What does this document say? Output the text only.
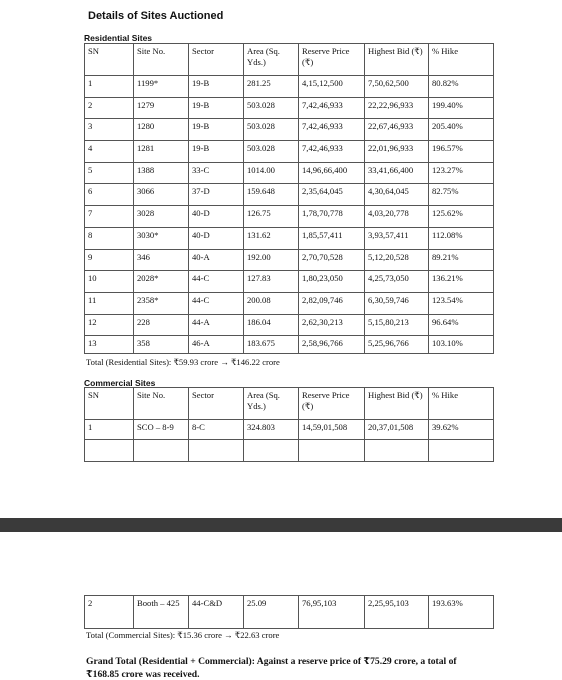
Details of Sites Auctioned
Residential Sites
SN	Site No.	Sector	Area (Sq. Yds.)	Reserve Price (₹)	Highest Bid (₹)	% Hike
1	1199*	19-B	281.25	4,15,12,500	7,50,62,500	80.82%
2	1279	19-B	503.028	7,42,46,933	22,22,96,933	199.40%
3	1280	19-B	503.028	7,42,46,933	22,67,46,933	205.40%
4	1281	19-B	503.028	7,42,46,933	22,01,96,933	196.57%
5	1388	33-C	1014.00	14,96,66,400	33,41,66,400	123.27%
6	3066	37-D	159.648	2,35,64,045	4,30,64,045	82.75%
7	3028	40-D	126.75	1,78,70,778	4,03,20,778	125.62%
8	3030*	40-D	131.62	1,85,57,411	3,93,57,411	112.08%
9	346	40-A	192.00	2,70,70,528	5,12,20,528	89.21%
10	2028*	44-C	127.83	1,80,23,050	4,25,73,050	136.21%
11	2358*	44-C	200.08	2,82,09,746	6,30,59,746	123.54%
12	228	44-A	186.04	2,62,30,213	5,15,80,213	96.64%
13	358	46-A	183.675	2,58,96,766	5,25,96,766	103.10%
Total (Residential Sites): ₹59.93 crore → ₹146.22 crore
Commercial Sites
SN	Site No.	Sector	Area (Sq. Yds.)	Reserve Price (₹)	Highest Bid (₹)	% Hike
1	SCO – 8-9	8-C	324.803	14,59,01,508	20,37,01,508	39.62%

2	Booth – 425	44-C&D	25.09	76,95,103	2,25,95,103	193.63%
Total (Commercial Sites): ₹15.36 crore → ₹22.63 crore
Grand Total (Residential + Commercial): Against a reserve price of ₹75.29 crore, a total of ₹168.85 crore was received.
